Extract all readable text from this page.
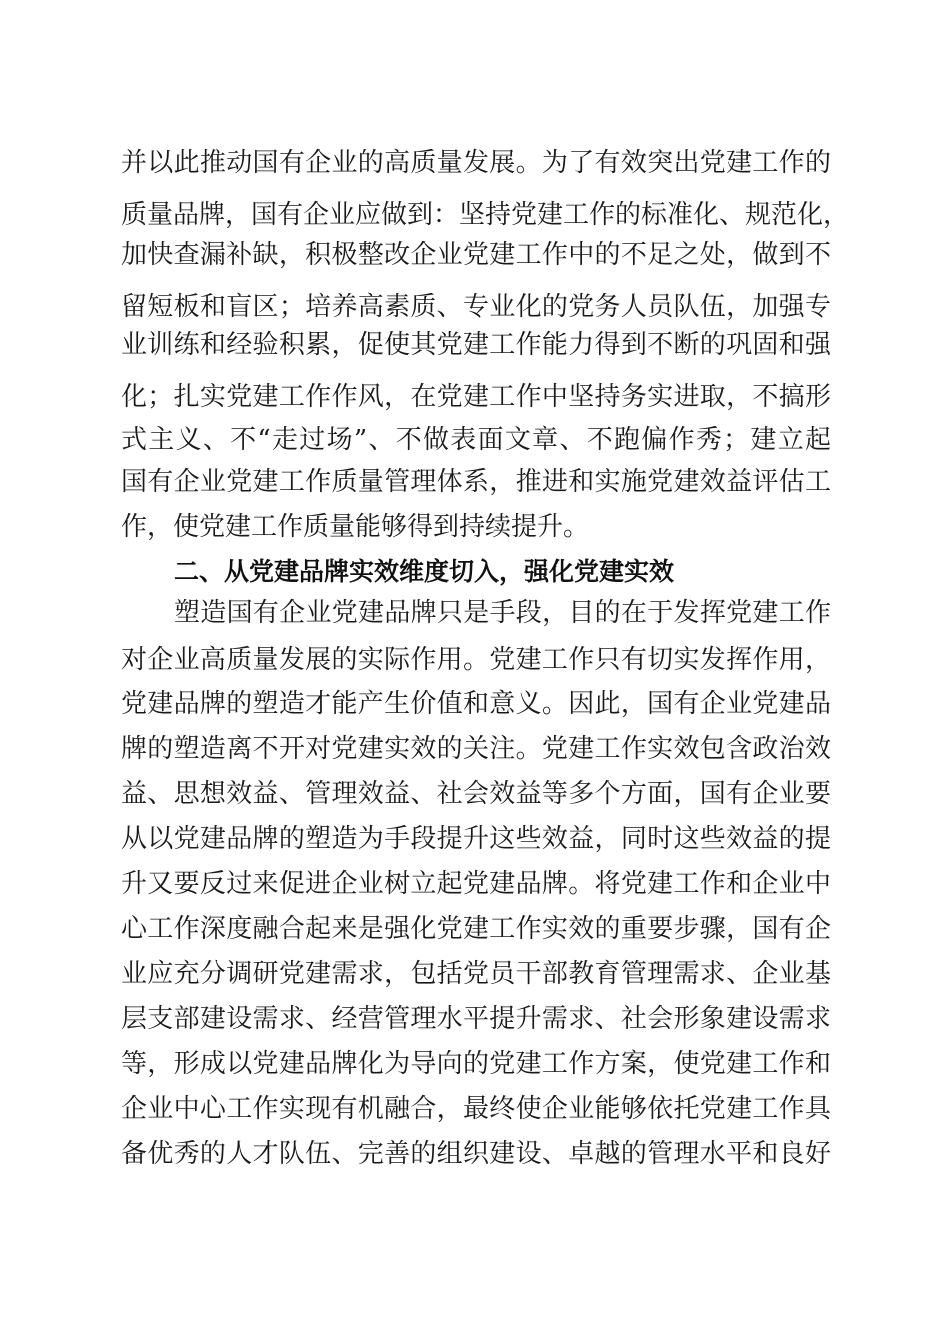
并以此推动国有企业的高质量发展。为了有效突出党建工作的
质量品牌，国有企业应做到：坚持党建工作的标准化、规范化，
加快查漏补缺，积极整改企业党建工作中的不足之处，做到不
留短板和盲区；培养高素质、专业化的党务人员队伍，加强专
业训练和经验积累，促使其党建工作能力得到不断的巩固和强
化；扎实党建工作作风，在党建工作中坚持务实进取，不搞形
式主义、不“走过场”、不做表面文章、不跑偏作秀；建立起
国有企业党建工作质量管理体系，推进和实施党建效益评估工
作，使党建工作质量能够得到持续提升。
二、从党建品牌实效维度切入，强化党建实效
塑造国有企业党建品牌只是手段，目的在于发挥党建工作
对企业高质量发展的实际作用。党建工作只有切实发挥作用，
党建品牌的塑造才能产生价值和意义。因此，国有企业党建品
牌的塑造离不开对党建实效的关注。党建工作实效包含政治效
益、思想效益、管理效益、社会效益等多个方面，国有企业要
从以党建品牌的塑造为手段提升这些效益，同时这些效益的提
升又要反过来促进企业树立起党建品牌。将党建工作和企业中
心工作深度融合起来是强化党建工作实效的重要步骤，国有企
业应充分调研党建需求，包括党员干部教育管理需求、企业基
层支部建设需求、经营管理水平提升需求、社会形象建设需求
等，形成以党建品牌化为导向的党建工作方案，使党建工作和
企业中心工作实现有机融合，最终使企业能够依托党建工作具
备优秀的人才队伍、完善的组织建设、卓越的管理水平和良好
